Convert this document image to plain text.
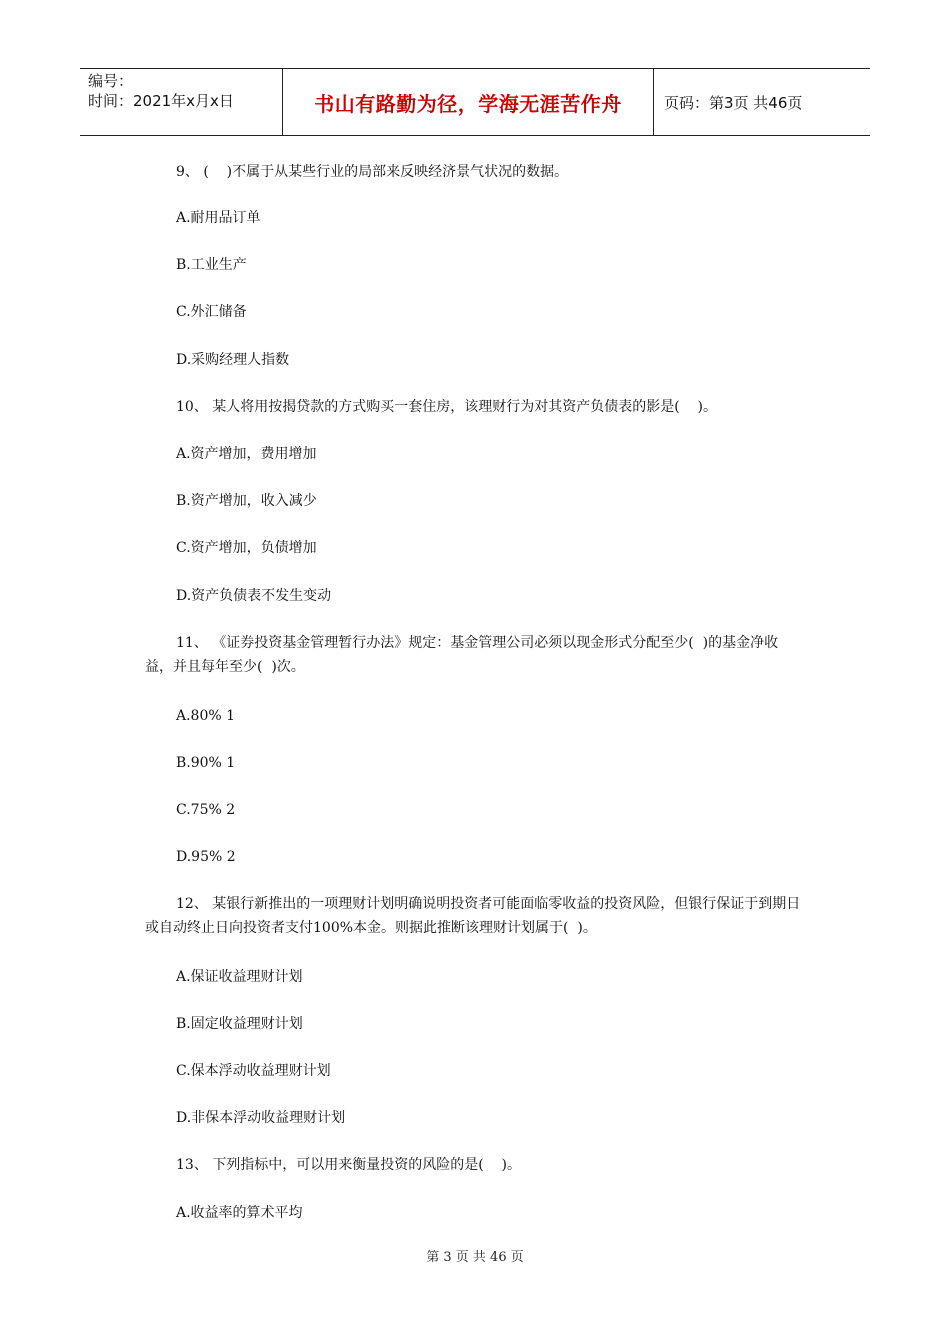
编号：
时间：2021年x月x日	书山有路勤为径，学海无涯苦作舟	页码：第3页 共46页
9、 (    )不属于从某些行业的局部来反映经济景气状况的数据。
A.耐用品订单
B.工业生产
C.外汇储备
D.采购经理人指数
10、 某人将用按揭贷款的方式购买一套住房，该理财行为对其资产负债表的影是(    )。
A.资产增加，费用增加
B.资产增加，收入减少
C.资产增加，负债增加
D.资产负债表不发生变动
11、 《证券投资基金管理暂行办法》规定：基金管理公司必须以现金形式分配至少(  )的基金净收益，并且每年至少(  )次。
A.80% 1
B.90% 1
C.75% 2
D.95% 2
12、 某银行新推出的一项理财计划明确说明投资者可能面临零收益的投资风险，但银行保证于到期日或自动终止日向投资者支付100%本金。则据此推断该理财计划属于(  )。
A.保证收益理财计划
B.固定收益理财计划
C.保本浮动收益理财计划
D.非保本浮动收益理财计划
13、 下列指标中，可以用来衡量投资的风险的是(    )。
A.收益率的算术平均
第 3 页 共 46 页
